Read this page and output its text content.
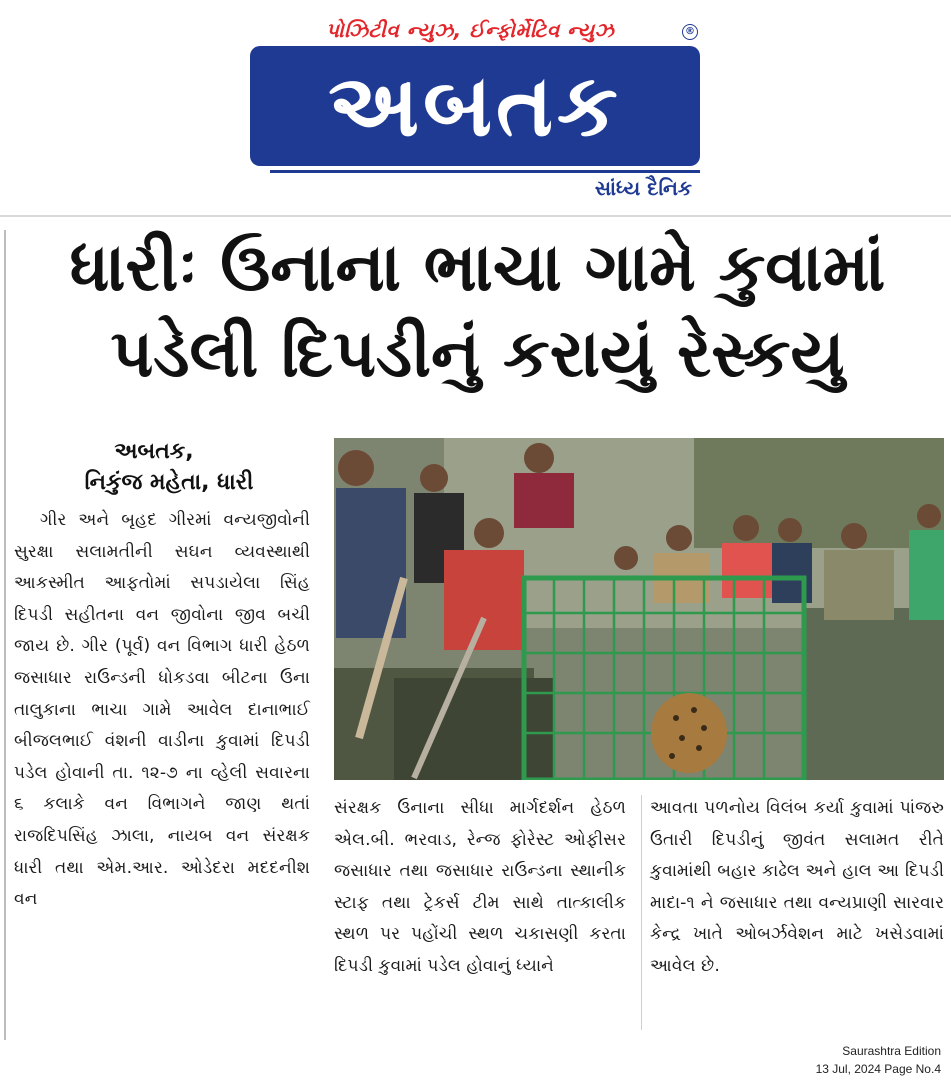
પોઝિટીવ ન્યુઝ, ઈન્ફોર્મેટિવ ન્યુઝ	®
અબતક
સાંધ્ય દૈનિક
ધારીઃ ઉનાના ભાચા ગામે કુવામાં
પડેલી દિપડીનું કરાયું રેસ્કયુ
અબતક,
નિકુંજ મહેતા, ધારી
ગીર અને બૃહદ ગીરમાં વન્યજીવોની સુરક્ષા સલામતીની સઘન વ્યવસ્થાથી આકસ્મીત આફતોમાં સપડાયેલા સિંહ દિપડી સહીતના વન જીવોના જીવ બચી જાય છે. ગીર (પૂર્વ) વન વિભાગ ધારી હેઠળ જસાધાર રાઉન્ડની ધોકડવા બીટના ઉના તાલુકાના ભાચા ગામે આવેલ દાનાભાઈ બીજલભાઈ વંશની વાડીના કુવામાં દિપડી પડેલ હોવાની તા. ૧૨-૭ ના વ્હેલી સવારના ૬ કલાકે વન વિભાગને જાણ થતાં રાજદિપસિંહ ઝાલા, નાયબ વન સંરક્ષક ધારી તથા એમ.આર. ઓડેદરા મદદનીશ વન
સંરક્ષક ઉનાના સીધા માર્ગદર્શન હેઠળ એલ.બી. ભરવાડ, રેન્જ ફોરેસ્ટ ઓફીસર જસાધાર તથા જસાધાર રાઉન્ડના સ્થાનીક સ્ટાફ તથા ટ્રેકર્સ ટીમ સાથે તાત્કાલીક સ્થળ પર પહોંચી સ્થળ ચકાસણી કરતા દિપડી કુવામાં પડેલ હોવાનું ધ્યાને
આવતા પળનોય વિલંબ કર્યા કુવામાં પાંજરુ ઉતારી દિપડીનું જીવંત સલામત રીતે કુવામાંથી બહાર કાઢેલ અને હાલ આ દિપડી માદા-૧ ને જસાધાર તથા વન્યપ્રાણી સારવાર કેન્દ્ર ખાતે ઓબર્ઝવેશન માટે ખસેડવામાં આવેલ છે.
Saurashtra Edition
13 Jul, 2024 Page No.4
